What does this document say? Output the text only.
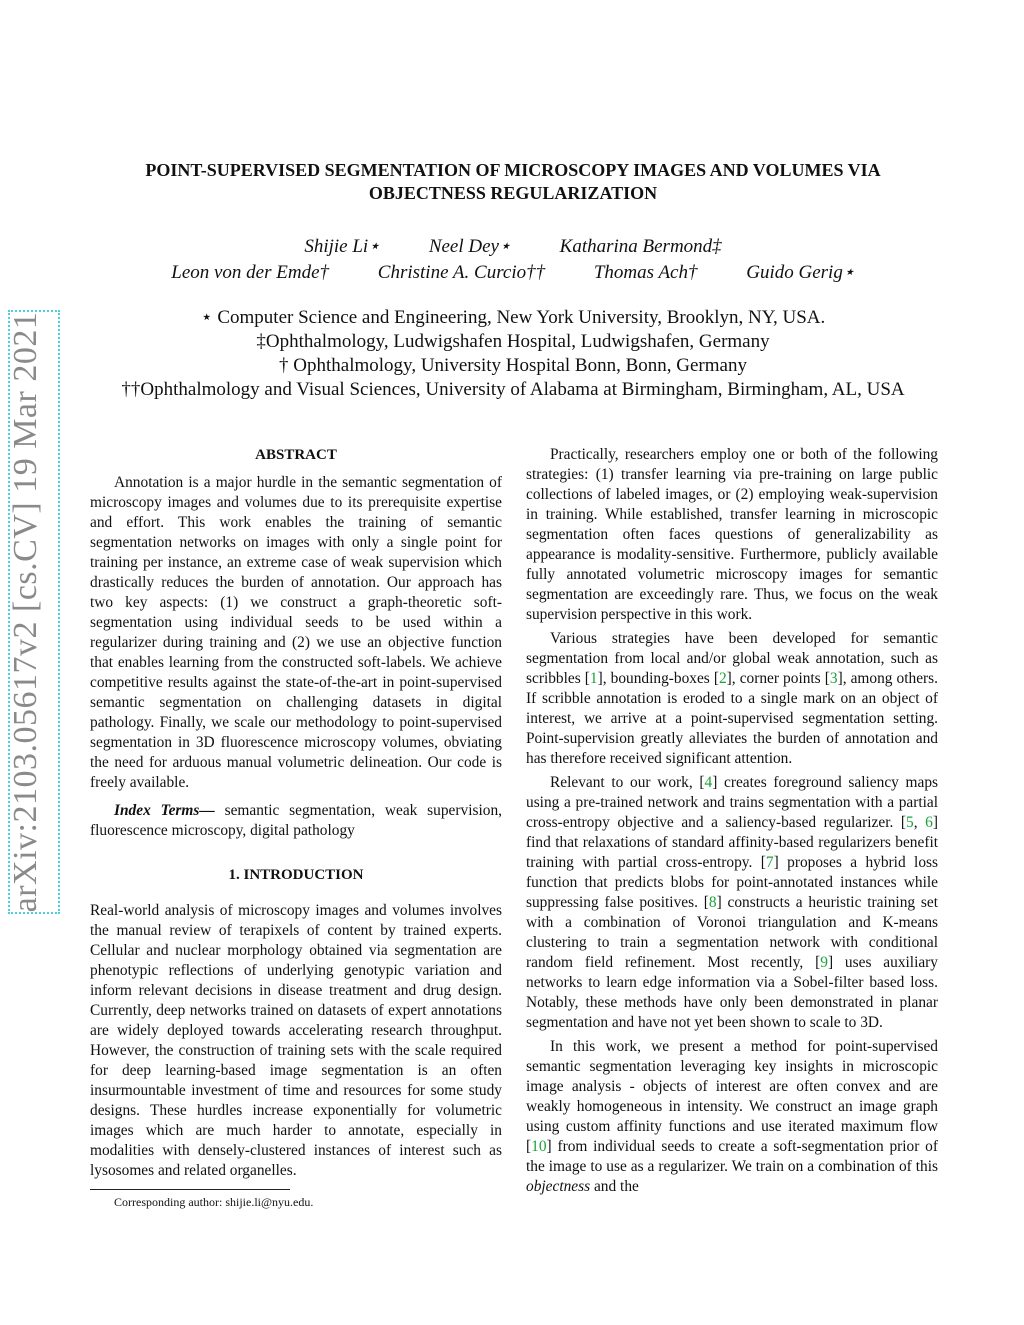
arXiv:2103.05617v2 [cs.CV] 19 Mar 2021
POINT-SUPERVISED SEGMENTATION OF MICROSCOPY IMAGES AND VOLUMES VIA OBJECTNESS REGULARIZATION
Shijie Li⋆	Neel Dey⋆	Katharina Bermond‡
Leon von der Emde†	Christine A. Curcio††	Thomas Ach†	Guido Gerig⋆
⋆ Computer Science and Engineering, New York University, Brooklyn, NY, USA.
‡Ophthalmology, Ludwigshafen Hospital, Ludwigshafen, Germany
† Ophthalmology, University Hospital Bonn, Bonn, Germany
††Ophthalmology and Visual Sciences, University of Alabama at Birmingham, Birmingham, AL, USA
ABSTRACT

Annotation is a major hurdle in the semantic segmentation of microscopy images and volumes due to its prerequisite expertise and effort. This work enables the training of semantic segmentation networks on images with only a single point for training per instance, an extreme case of weak supervision which drastically reduces the burden of annotation. Our approach has two key aspects: (1) we construct a graph-theoretic soft-segmentation using individual seeds to be used within a regularizer during training and (2) we use an objective function that enables learning from the constructed soft-labels. We achieve competitive results against the state-of-the-art in point-supervised semantic segmentation on challenging datasets in digital pathology. Finally, we scale our methodology to point-supervised segmentation in 3D fluorescence microscopy volumes, obviating the need for arduous manual volumetric delineation. Our code is freely available.

Index Terms— semantic segmentation, weak supervision, fluorescence microscopy, digital pathology

1. INTRODUCTION

Real-world analysis of microscopy images and volumes involves the manual review of terapixels of content by trained experts. Cellular and nuclear morphology obtained via segmentation are phenotypic reflections of underlying genotypic variation and inform relevant decisions in disease treatment and drug design. Currently, deep networks trained on datasets of expert annotations are widely deployed towards accelerating research throughput. However, the construction of training sets with the scale required for deep learning-based image segmentation is an often insurmountable investment of time and resources for some study designs. These hurdles increase exponentially for volumetric images which are much harder to annotate, especially in modalities with densely-clustered instances of interest such as lysosomes and related organelles.

Corresponding author: shijie.li@nyu.edu.

Practically, researchers employ one or both of the following strategies: (1) transfer learning via pre-training on large public collections of labeled images, or (2) employing weak-supervision in training. While established, transfer learning in microscopic segmentation often faces questions of generalizability as appearance is modality-sensitive. Furthermore, publicly available fully annotated volumetric microscopy images for semantic segmentation are exceedingly rare. Thus, we focus on the weak supervision perspective in this work.

Various strategies have been developed for semantic segmentation from local and/or global weak annotation, such as scribbles [1], bounding-boxes [2], corner points [3], among others. If scribble annotation is eroded to a single mark on an object of interest, we arrive at a point-supervised segmentation setting. Point-supervision greatly alleviates the burden of annotation and has therefore received significant attention.

Relevant to our work, [4] creates foreground saliency maps using a pre-trained network and trains segmentation with a partial cross-entropy objective and a saliency-based regularizer. [5, 6] find that relaxations of standard affinity-based regularizers benefit training with partial cross-entropy. [7] proposes a hybrid loss function that predicts blobs for point-annotated instances while suppressing false positives. [8] constructs a heuristic training set with a combination of Voronoi triangulation and K-means clustering to train a segmentation network with conditional random field refinement. Most recently, [9] uses auxiliary networks to learn edge information via a Sobel-filter based loss. Notably, these methods have only been demonstrated in planar segmentation and have not yet been shown to scale to 3D.

In this work, we present a method for point-supervised semantic segmentation leveraging key insights in microscopic image analysis - objects of interest are often convex and are weakly homogeneous in intensity. We construct an image graph using custom affinity functions and use iterated maximum flow [10] from individual seeds to create a soft-segmentation prior of the image to use as a regularizer. We train on a combination of this objectness and the
